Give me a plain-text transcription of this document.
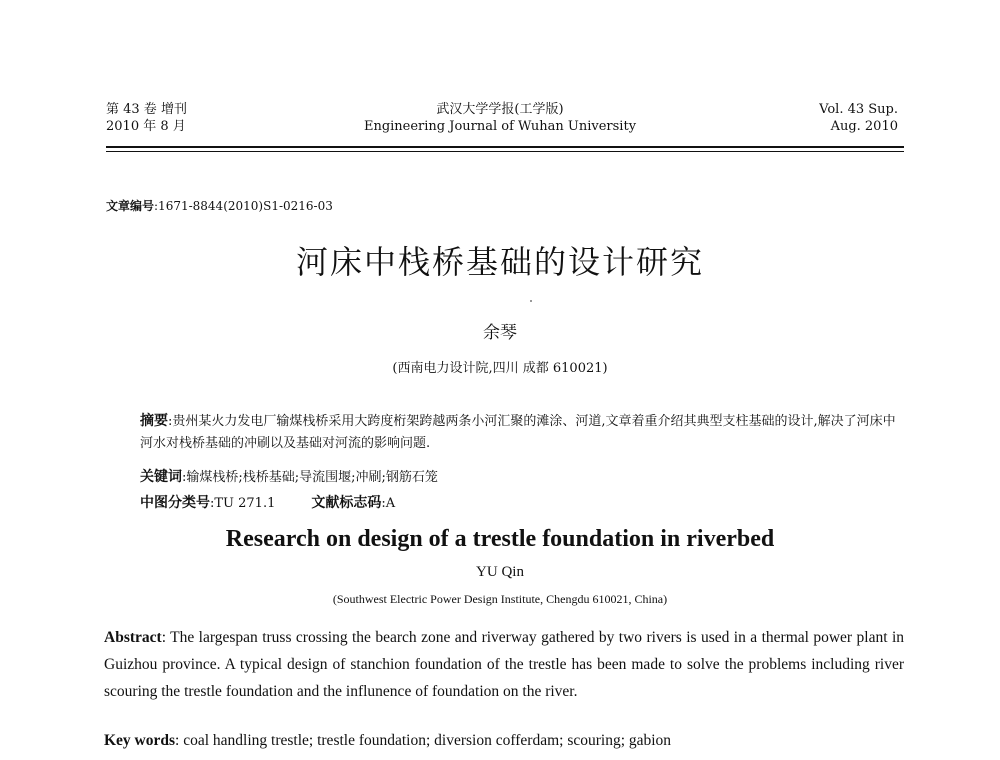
第 43 卷 增刊
2010 年 8 月
武汉大学学报(工学版)
Engineering Journal of Wuhan University
Vol. 43 Sup.
Aug. 2010
文章编号:1671-8844(2010)S1-0216-03
河床中栈桥基础的设计研究
余琴
(西南电力设计院,四川 成都 610021)
摘要:贵州某火力发电厂输煤栈桥采用大跨度桁架跨越两条小河汇聚的滩涂、河道,文章着重介绍其典型支柱基础的设计,解决了河床中河水对栈桥基础的冲刷以及基础对河流的影响问题.
关键词:输煤栈桥;栈桥基础;导流围堰;冲刷;钢筋石笼
中图分类号:TU 271.1	文献标志码:A
Research on design of a trestle foundation in riverbed
YU Qin
(Southwest Electric Power Design Institute, Chengdu 610021, China)
Abstract: The largespan truss crossing the bearch zone and riverway gathered by two rivers is used in a thermal power plant in Guizhou province. A typical design of stanchion foundation of the trestle has been made to solve the problems including river scouring the trestle foundation and the influnence of foundation on the river.
Key words: coal handling trestle; trestle foundation; diversion cofferdam; scouring; gabion
